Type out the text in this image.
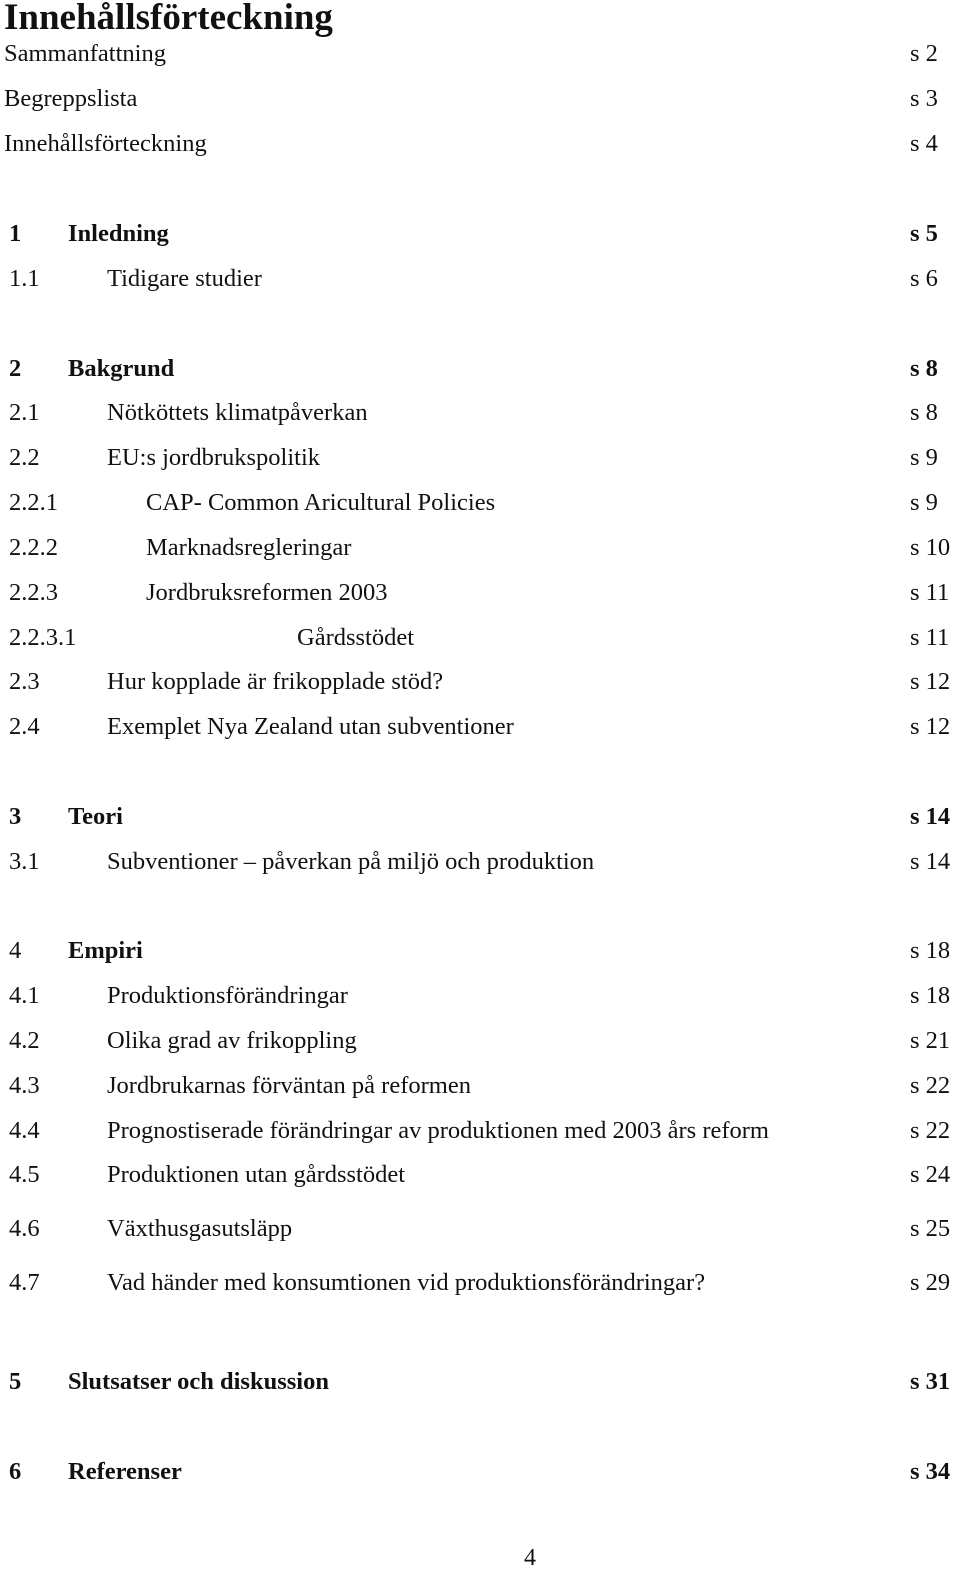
Innehållsförteckning
Sammanfattning	s 2
Begreppslista	s 3
Innehållsförteckning	s 4
1 Inledning	s 5
1.1	Tidigare studier	s 6
2 Bakgrund	s 8
2.1	Nötköttets klimatpåverkan	s 8
2.2	EU:s jordbrukspolitik	s 9
2.2.1	CAP- Common Aricultural Policies	s 9
2.2.2	Marknadsregleringar	s 10
2.2.3	Jordbruksreformen 2003	s 11
2.2.3.1	Gårdsstödet	s 11
2.3	Hur kopplade är frikopplade stöd?	s 12
2.4	Exemplet Nya Zealand utan subventioner	s 12
3 Teori	s 14
3.1	Subventioner – påverkan på miljö och produktion	s 14
4 Empiri	s 18
4.1	Produktionsförändringar	s 18
4.2	Olika grad av frikoppling	s 21
4.3	Jordbrukarnas förväntan på reformen	s 22
4.4	Prognostiserade förändringar av produktionen med 2003 års reform	s 22
4.5	Produktionen utan gårdsstödet	s 24
4.6	Växthusgasutsläpp	s 25
4.7	Vad händer med konsumtionen vid produktionsförändringar?	s 29
5 Slutsatser och diskussion	s 31
6 Referenser	s 34
4
